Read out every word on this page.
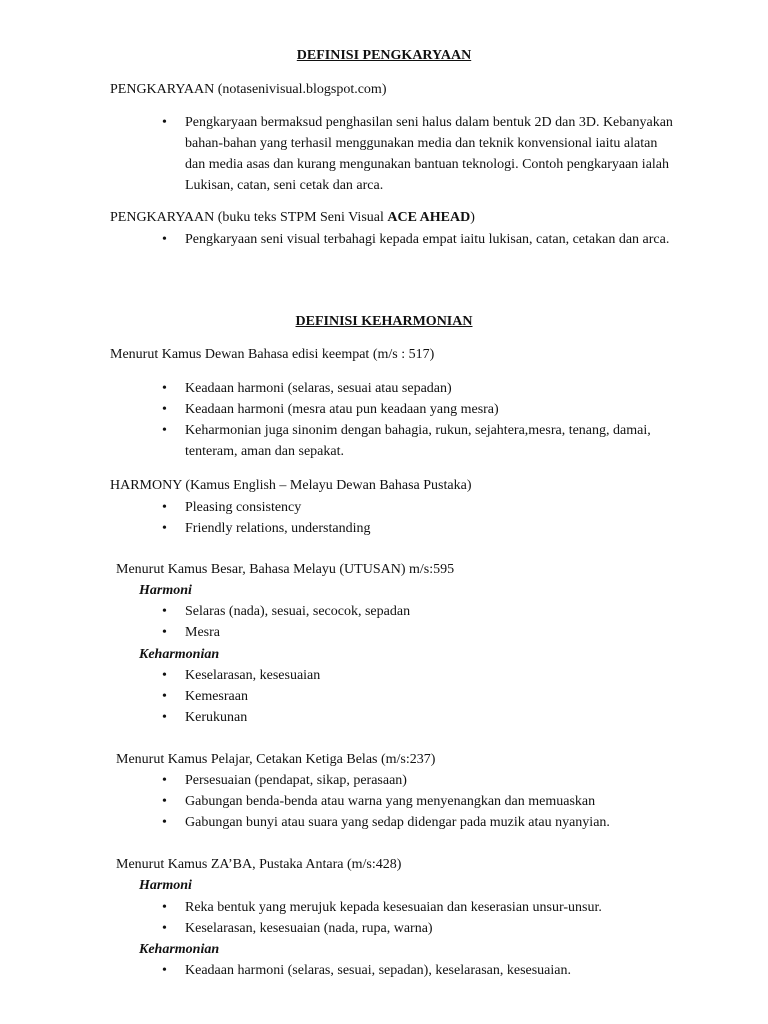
DEFINISI PENGKARYAAN
PENGKARYAAN (notasenivisual.blogspot.com)
• Pengkaryaan bermaksud penghasilan seni halus dalam bentuk 2D dan 3D. Kebanyakan bahan-bahan yang terhasil menggunakan media dan teknik konvensional iaitu alatan dan media asas dan kurang mengunakan bantuan teknologi. Contoh pengkaryaan ialah Lukisan, catan, seni cetak dan arca.
PENGKARYAAN (buku teks STPM Seni Visual ACE AHEAD)
• Pengkaryaan seni visual terbahagi kepada empat iaitu lukisan, catan, cetakan dan arca.
DEFINISI KEHARMONIAN
Menurut Kamus Dewan Bahasa edisi keempat (m/s : 517)
• Keadaan harmoni (selaras, sesuai atau sepadan)
• Keadaan harmoni (mesra atau pun keadaan yang mesra)
• Keharmonian juga sinonim dengan bahagia, rukun, sejahtera,mesra, tenang, damai, tenteram, aman dan sepakat.
HARMONY (Kamus English – Melayu Dewan Bahasa Pustaka)
• Pleasing consistency
• Friendly relations, understanding
Menurut Kamus Besar, Bahasa Melayu (UTUSAN) m/s:595
Harmoni
• Selaras (nada), sesuai, secocok, sepadan
• Mesra
Keharmonian
• Keselarasan, kesesuaian
• Kemesraan
• Kerukunan
Menurut Kamus Pelajar, Cetakan Ketiga Belas (m/s:237)
• Persesuaian (pendapat, sikap, perasaan)
• Gabungan benda-benda atau warna yang menyenangkan dan memuaskan
• Gabungan bunyi atau suara yang sedap didengar pada muzik atau nyanyian.
Menurut Kamus ZA’BA, Pustaka Antara (m/s:428)
Harmoni
• Reka bentuk yang merujuk kepada kesesuaian dan keserasian unsur-unsur.
• Keselarasan, kesesuaian (nada, rupa, warna)
Keharmonian
• Keadaan harmoni (selaras, sesuai, sepadan), keselarasan, kesesuaian.
